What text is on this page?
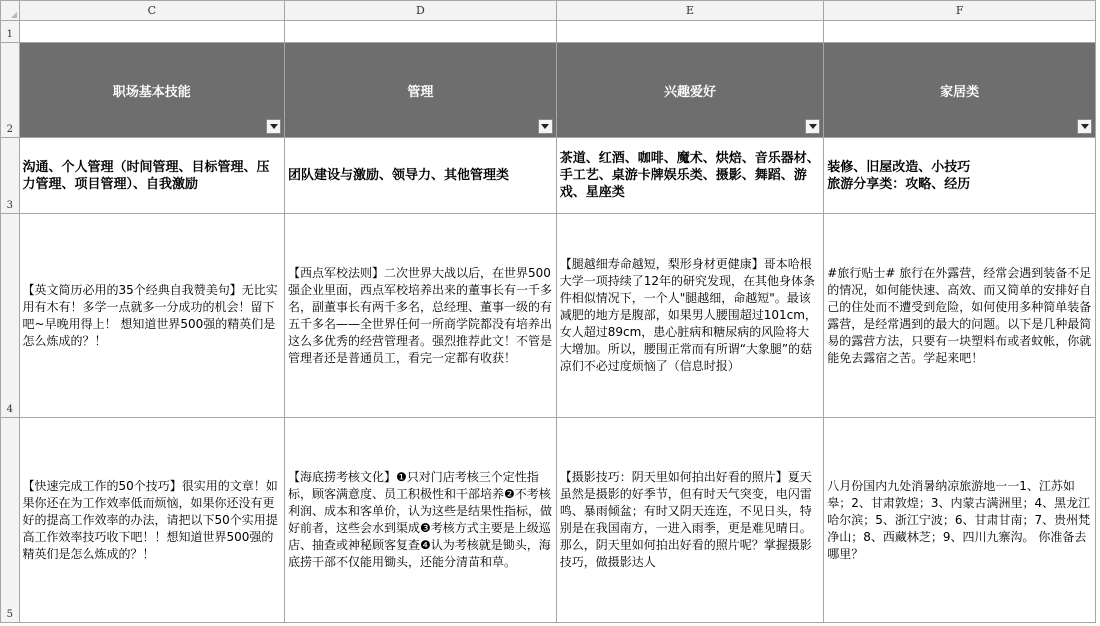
	C	D	E	F
1				
2	职场基本技能	管理	兴趣爱好	家居类

3	沟通、个人管理（时间管理、目标管理、压力管理、项目管理）、自我激励	团队建设与激励、领导力、其他管理类	茶道、红酒、咖啡、魔术、烘焙、音乐器材、手工艺、桌游卡牌娱乐类、摄影、舞蹈、游戏、星座类	装修、旧屋改造、小技巧
旅游分享类：攻略、经历
4	【英文简历必用的35个经典自我赞美句】无比实用有木有！多学一点就多一分成功的机会！留下吧~早晚用得上！ 想知道世界500强的精英们是怎么炼成的？！	【西点军校法则】二次世界大战以后，在世界500强企业里面，西点军校培养出来的董事长有一千多名，副董事长有两千多名，总经理、董事一级的有五千多名——全世界任何一所商学院都没有培养出这么多优秀的经营管理者。强烈推荐此文！不管是管理者还是普通员工，看完一定都有收获！	【腿越细寿命越短，梨形身材更健康】哥本哈根大学一项持续了12年的研究发现，在其他身体条件相似情况下，一个人"腿越细，命越短"。最该减肥的地方是腹部，如果男人腰围超过101cm，女人超过89cm，患心脏病和糖尿病的风险将大大增加。所以，腰围正常而有所谓“大象腿”的菇凉们不必过度烦恼了（信息时报）	#旅行贴士# 旅行在外露营，经常会遇到装备不足的情况，如何能快速、高效、而又简单的安排好自己的住处而不遭受到危险，如何使用多种简单装备露营，是经常遇到的最大的问题。以下是几种最简易的露营方法，只要有一块塑料布或者蚊帐，你就能免去露宿之苦。学起来吧！
5	【快速完成工作的50个技巧】很实用的文章！如果你还在为工作效率低而烦恼，如果你还没有更好的提高工作效率的办法，请把以下50个实用提高工作效率技巧收下吧！！想知道世界500强的精英们是怎么炼成的？！	【海底捞考核文化】❶只对门店考核三个定性指标，顾客满意度、员工积极性和干部培养❷不考核利润、成本和客单价，认为这些是结果性指标，做好前者，这些会水到渠成❸考核方式主要是上级巡店、抽查或神秘顾客复查❹认为考核就是锄头，海底捞干部不仅能用锄头，还能分清苗和草。	【摄影技巧：阴天里如何拍出好看的照片】夏天虽然是摄影的好季节，但有时天气突变，电闪雷鸣、暴雨倾盆；有时又阴天连连，不见日头，特别是在我国南方，一进入雨季，更是难见晴日。那么，阴天里如何拍出好看的照片呢？掌握摄影技巧，做摄影达人	八月份国内九处消暑纳凉旅游地一一1、江苏如皋；2、甘肃敦煌；3、内蒙古满洲里；4、黑龙江哈尔滨；5、浙江宁波；6、甘肃甘南；7、贵州梵净山；8、西藏林芝；9、四川九寨沟。 你准备去哪里？
